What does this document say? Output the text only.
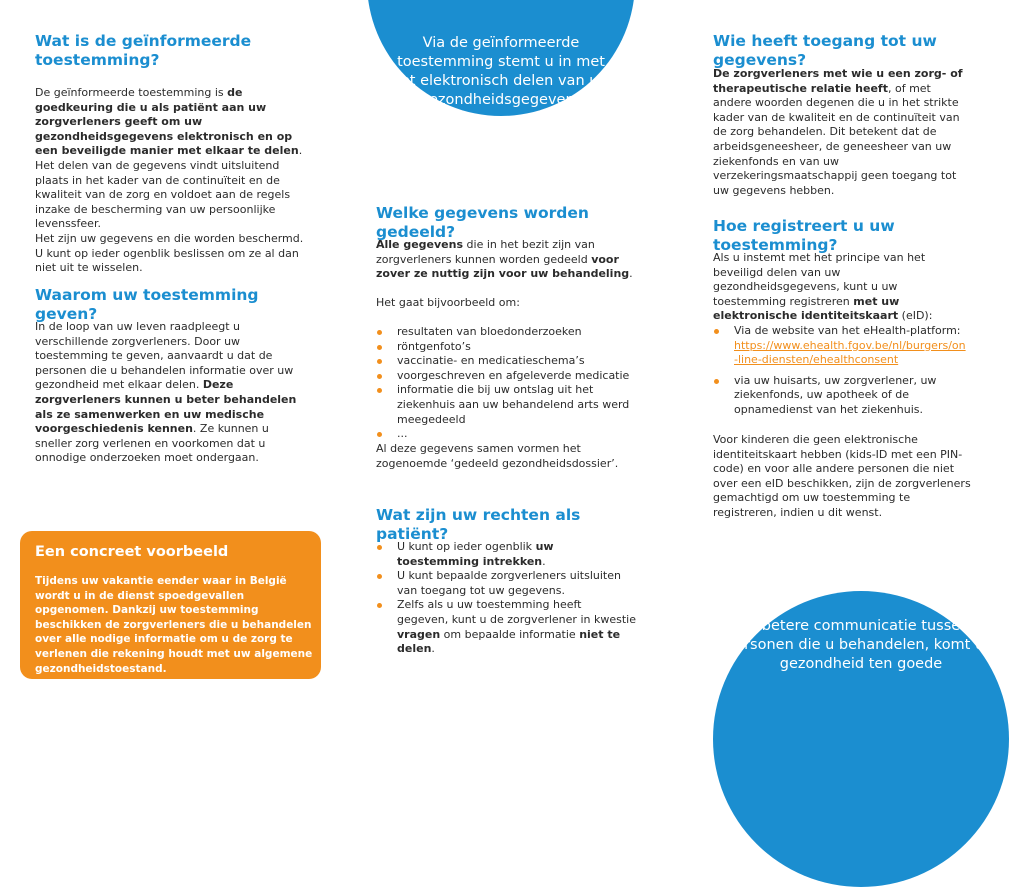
Via de geïnformeerde toestemming stemt u in met het elektronisch delen van uw gezondheidsgegevens
Een betere communicatie tussen de personen die u behandelen, komt uw gezondheid ten goede
Wat is de geïnformeerde toestemming?

De geïnformeerde toestemming is de goedkeuring die u als patiënt aan uw zorgverleners geeft om uw gezondheidsgegevens elektronisch en op een beveiligde manier met elkaar te delen. Het delen van de gegevens vindt uitsluitend plaats in het kader van de continuïteit en de kwaliteit van de zorg en voldoet aan de regels inzake de bescherming van uw persoonlijke levenssfeer.

Het zijn uw gegevens en die worden beschermd. U kunt op ieder ogenblik beslissen om ze al dan niet uit te wisselen.

Waarom uw toestemming geven?

In de loop van uw leven raadpleegt u verschillende zorgverleners. Door uw toestemming te geven, aanvaardt u dat de personen die u behandelen informatie over uw gezondheid met elkaar delen. Deze zorgverleners kunnen u beter behandelen als ze samenwerken en uw medische voorgeschiedenis kennen. Ze kunnen u sneller zorg verlenen en voorkomen dat u onnodige onderzoeken moet ondergaan.

Een concreet voorbeeld
Tijdens uw vakantie eender waar in België wordt u in de dienst spoedgevallen opgenomen. Dankzij uw toestemming beschikken de zorgverleners die u behandelen over alle nodige informatie om u de zorg te verlenen die rekening houdt met uw algemene gezondheidstoestand.
Welke gegevens worden gedeeld?

Alle gegevens die in het bezit zijn van zorgverleners kunnen worden gedeeld voor zover ze nuttig zijn voor uw behandeling.

Het gaat bijvoorbeeld om:

resultaten van bloedonderzoeken
röntgenfoto’s
vaccinatie- en medicatieschema’s
voorgeschreven en afgeleverde medicatie
informatie die bij uw ontslag uit het ziekenhuis aan uw behandelend arts werd meegedeeld
...

Al deze gegevens samen vormen het zogenoemde ‘gedeeld gezondheidsdossier’.

Wat zijn uw rechten als patiënt?
U kunt op ieder ogenblik uw toestemming intrekken.
U kunt bepaalde zorgverleners uitsluiten van toegang tot uw gegevens.
Zelfs als u uw toestemming heeft gegeven, kunt u de zorgverlener in kwestie vragen om bepaalde informatie niet te delen.
Wie heeft toegang tot uw gegevens?

De zorgverleners met wie u een zorg- of therapeutische relatie heeft, of met andere woorden degenen die u in het strikte kader van de kwaliteit en de continuïteit van de zorg behandelen. Dit betekent dat de arbeidsgeneesheer, de geneesheer van uw ziekenfonds en van uw verzekeringsmaatschappij geen toegang tot uw gegevens hebben.

Hoe registreert u uw toestemming?

Als u instemt met het principe van het beveiligd delen van uw gezondheidsgegevens, kunt u uw toestemming registreren met uw elektronische identiteitskaart (eID):

Via de website van het eHealth-platform:
https://www.ehealth.fgov.be/nl/burgers/on-line-diensten/ehealthconsent
via uw huisarts, uw zorgverlener, uw ziekenfonds, uw apotheek of de opnamedienst van het ziekenhuis.

Voor kinderen die geen elektronische identiteitskaart hebben (kids-ID met een PIN-code) en voor alle andere personen die niet over een eID beschikken, zijn de zorgverleners gemachtigd om uw toestemming te registreren, indien u dit wenst.
